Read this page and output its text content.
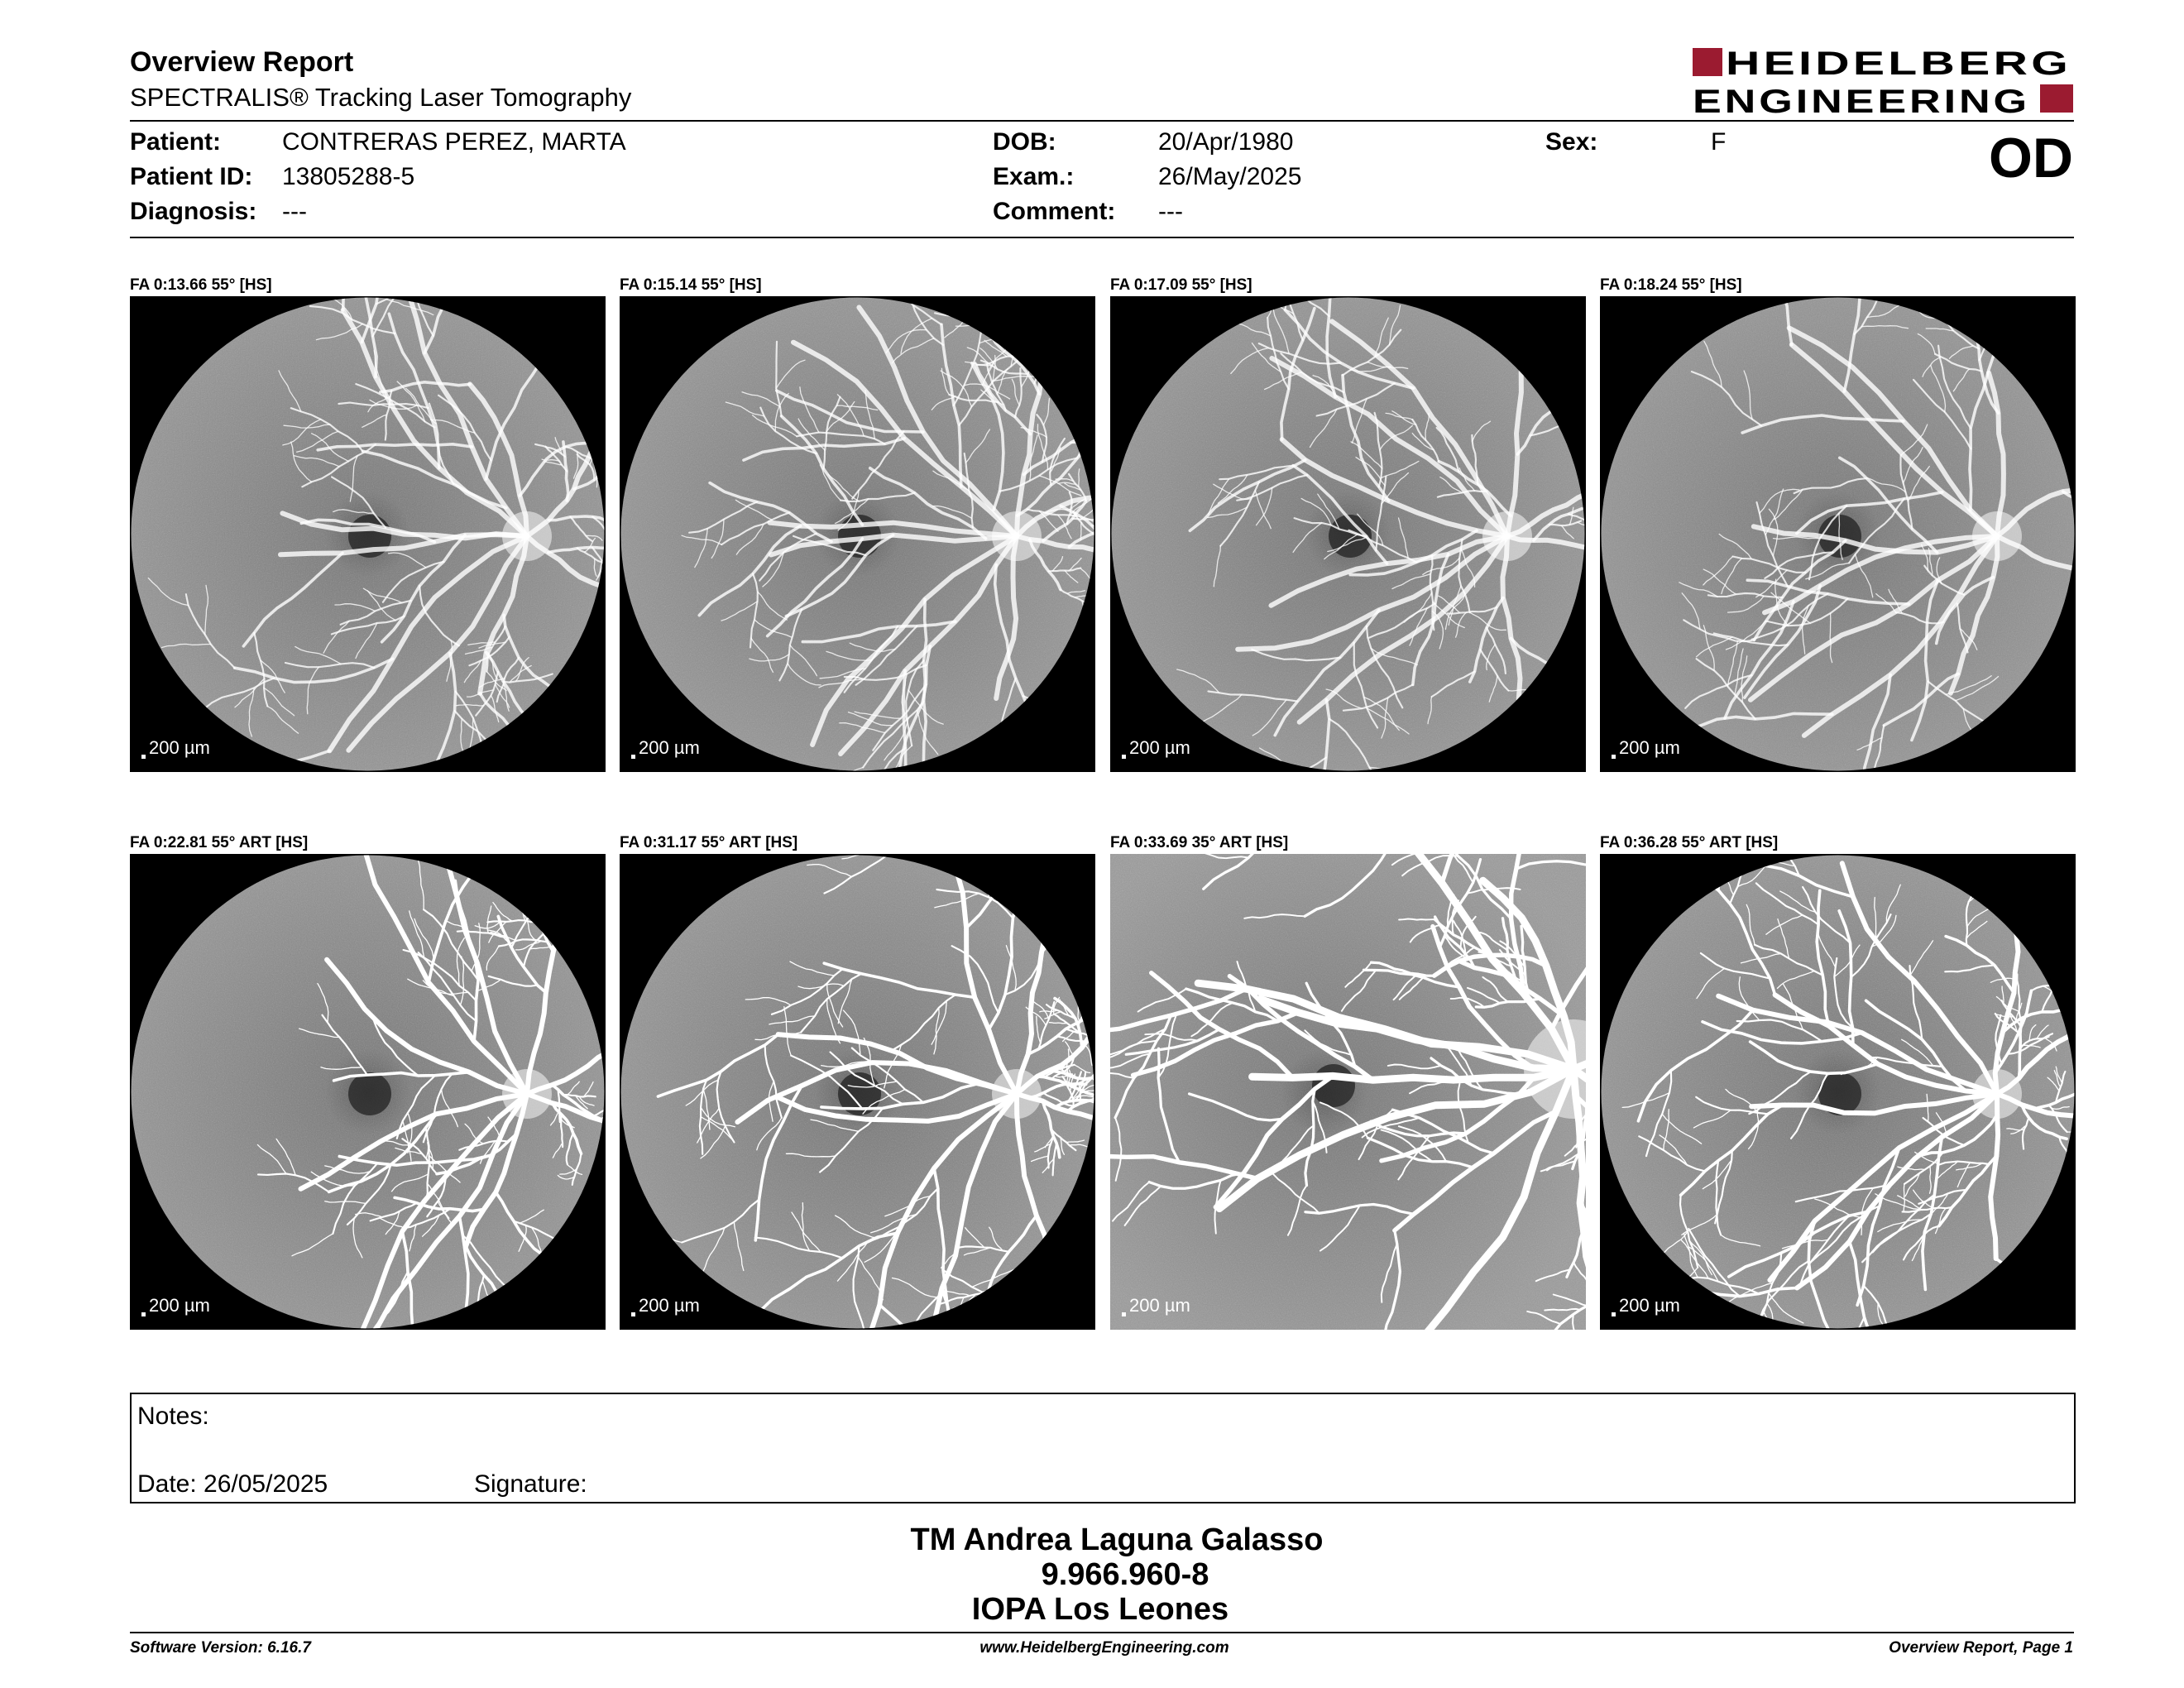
Overview Report
SPECTRALIS® Tracking Laser Tomography
HEIDELBERG
ENGINEERING
Patient: CONTRERAS PEREZ, MARTA
Patient ID: 13805288-5
Diagnosis: ---
DOB:	20/Apr/1980
Exam.:	26/May/2025
Comment: ---
Sex:	F	OD
FA 0:13.66 55° [HS]
200 µm
FA 0:15.14 55° [HS]
200 µm
FA 0:17.09 55° [HS]
200 µm
FA 0:18.24 55° [HS]
200 µm
FA 0:22.81 55° ART [HS]
200 µm
FA 0:31.17 55° ART [HS]
200 µm
FA 0:33.69 35° ART [HS]
200 µm
FA 0:36.28 55° ART [HS]
200 µm
Notes:
Date: 26/05/2025	Signature:
TM Andrea Laguna Galasso
9.966.960-8
IOPA Los Leones
Software Version: 6.16.7	www.HeidelbergEngineering.com	Overview Report, Page 1
